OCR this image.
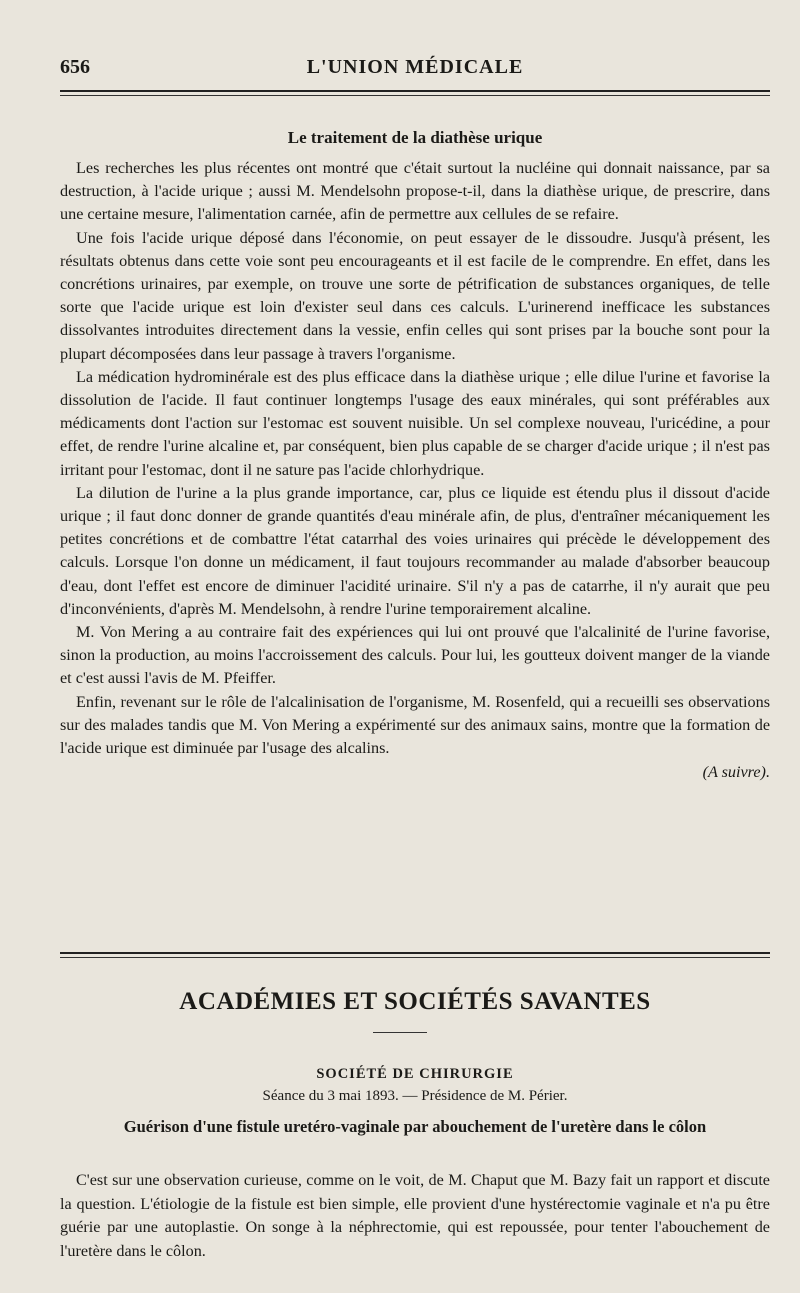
656	L'UNION MÉDICALE
Le traitement de la diathèse urique

Les recherches les plus récentes ont montré que c'était surtout la nucléine qui donnait naissance, par sa destruction, à l'acide urique ; aussi M. Mendelsohn propose-t-il, dans la diathèse urique, de prescrire, dans une certaine mesure, l'alimentation carnée, afin de permettre aux cellules de se refaire.

Une fois l'acide urique déposé dans l'économie, on peut essayer de le dissoudre. Jusqu'à présent, les résultats obtenus dans cette voie sont peu encourageants et il est facile de le comprendre. En effet, dans les concrétions urinaires, par exemple, on trouve une sorte de pétrification de substances organiques, de telle sorte que l'acide urique est loin d'exister seul dans ces calculs. L'urinerend inefficace les substances dissolvantes introduites directement dans la vessie, enfin celles qui sont prises par la bouche sont pour la plupart décomposées dans leur passage à travers l'organisme.

La médication hydrominérale est des plus efficace dans la diathèse urique ; elle dilue l'urine et favorise la dissolution de l'acide. Il faut continuer longtemps l'usage des eaux minérales, qui sont préférables aux médicaments dont l'action sur l'estomac est souvent nuisible. Un sel complexe nouveau, l'uricédine, a pour effet, de rendre l'urine alcaline et, par conséquent, bien plus capable de se charger d'acide urique ; il n'est pas irritant pour l'estomac, dont il ne sature pas l'acide chlorhydrique.

La dilution de l'urine a la plus grande importance, car, plus ce liquide est étendu plus il dissout d'acide urique ; il faut donc donner de grande quantités d'eau minérale afin, de plus, d'entraîner mécaniquement les petites concrétions et de combattre l'état catarrhal des voies urinaires qui précède le développement des calculs. Lorsque l'on donne un médicament, il faut toujours recommander au malade d'absorber beaucoup d'eau, dont l'effet est encore de diminuer l'acidité urinaire. S'il n'y a pas de catarrhe, il n'y aurait que peu d'inconvénients, d'après M. Mendelsohn, à rendre l'urine temporairement alcaline.

M. Von Mering a au contraire fait des expériences qui lui ont prouvé que l'alcalinité de l'urine favorise, sinon la production, au moins l'accroissement des calculs. Pour lui, les goutteux doivent manger de la viande et c'est aussi l'avis de M. Pfeiffer.

Enfin, revenant sur le rôle de l'alcalinisation de l'organisme, M. Rosenfeld, qui a recueilli ses observations sur des malades tandis que M. Von Mering a expérimenté sur des animaux sains, montre que la formation de l'acide urique est diminuée par l'usage des alcalins.

(A suivre).
ACADÉMIES ET SOCIÉTÉS SAVANTES
SOCIÉTÉ DE CHIRURGIE
Séance du 3 mai 1893. — Présidence de M. Périer.
Guérison d'une fistule uretéro-vaginale par abouchement de l'uretère dans le côlon

C'est sur une observation curieuse, comme on le voit, de M. Chaput que M. Bazy fait un rapport et discute la question. L'étiologie de la fistule est bien simple, elle provient d'une hystérectomie vaginale et n'a pu être guérie par une autoplastie. On songe à la néphrectomie, qui est repoussée, pour tenter l'abouchement de l'uretère dans le côlon.
